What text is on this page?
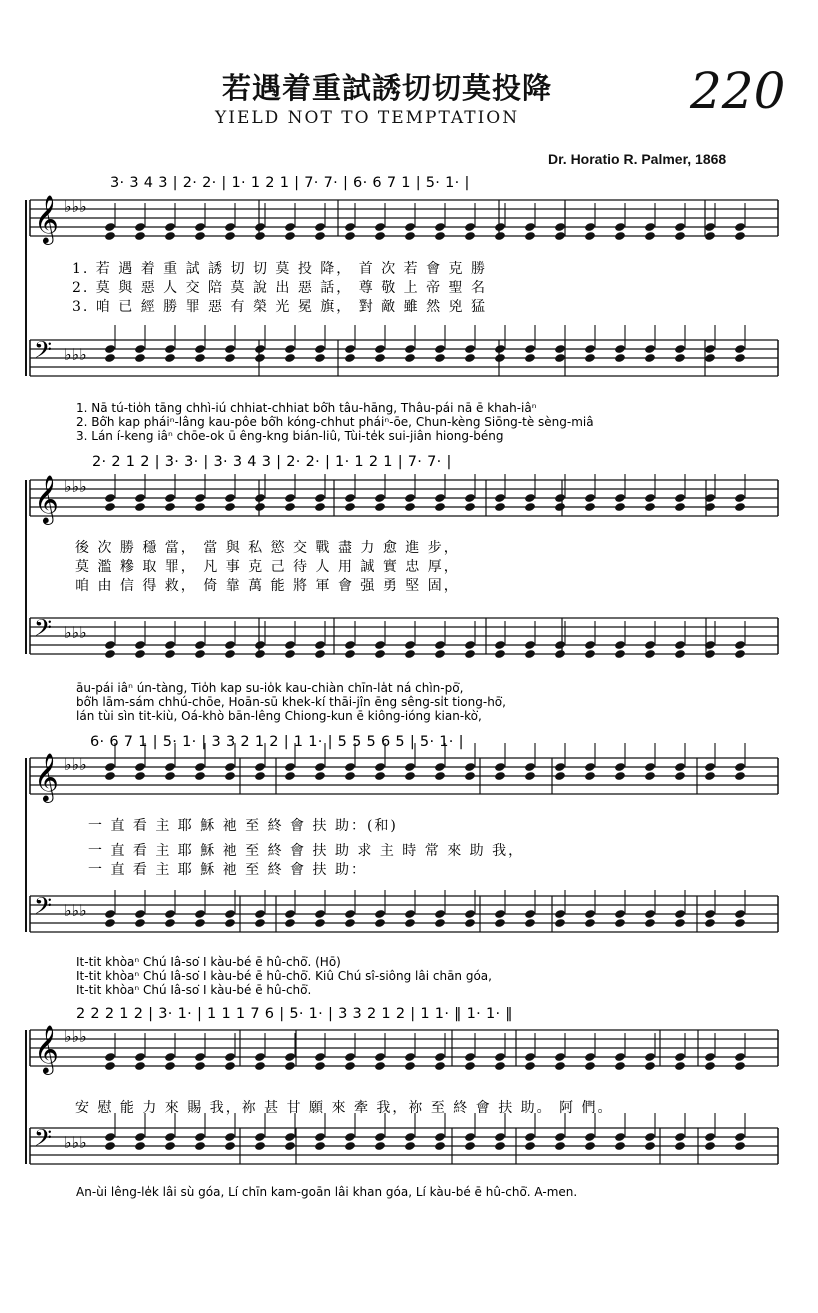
若遇着重試誘切切莫投降
YIELD NOT TO TEMPTATION	220
Dr. Horatio R. Palmer, 1868
𝄞 ♭♭♭
𝄢 ♭♭♭
𝄞 ♭♭♭
𝄢 ♭♭♭
𝄞 ♭♭♭
𝄢 ♭♭♭
𝄞 ♭♭♭
𝄢 ♭♭♭
3· 3 4 3 | 2· 2· | 1· 1 2 1 | 7· 7· | 6· 6 7 1 | 5· 1· |
1. 若 遇 着 重 試 誘 切 切 莫 投 降， 首 次 若 會 克 勝
2. 莫 與 惡 人 交 陪 莫 說 出 惡 話， 尊 敬 上 帝 聖 名
3. 咱 已 經 勝 罪 惡 有 榮 光 冕 旗， 對 敵 雖 然 兇 猛
1. Nā tú-tio̍h tāng chhì-iú chhiat-chhiat bô͘h tâu-hāng, Thâu-pái nā ē khah-iâⁿ
2. Bô͘h kap pháiⁿ-lâng kau-pôe bô͘h kóng-chhut pháiⁿ-ōe, Chun-kèng Siōng-tè sèng-miâ
3. Lán í-keng iâⁿ chōe-ok ū êng-kng bián-liû, Tùi-te̍k sui-jiân hiong-béng
2· 2 1 2 | 3· 3· | 3· 3 4 3 | 2· 2· | 1· 1 2 1 | 7· 7· |
後 次 勝 穩 當， 當 與 私 慾 交 戰 盡 力 愈 進 步，
莫 濫 糝 取 罪， 凡 事 克 己 待 人 用 誠 實 忠 厚，
咱 由 信 得 救， 倚 靠 萬 能 將 軍 會 强 勇 堅 固，
āu-pái iâⁿ ún-tàng, Tio̍h kap su-io̍k kau-chiàn chīn-la̍t ná chìn-pō͘,
bô͘h lām-sám chhú-chōe, Hoān-sū khek-kí thāi-jîn ēng sêng-si̍t tiong-hō͘,
lán tùi sìn tit-kiù, Oá-khò bān-lêng Chiong-kun ē kiông-ióng kian-kò͘,
6· 6 7 1 | 5· 1· | 3 3 2 1 2 | 1 1· | 5 5 5 6 5 | 5· 1· |
一 直 看 主 耶 穌 祂 至 終 會 扶 助：(和)
一 直 看 主 耶 穌 祂 至 終 會 扶 助 求 主 時 常 來 助 我，
一 直 看 主 耶 穌 祂 至 終 會 扶 助：
It-tit khòaⁿ Chú Iâ-so͘ I kàu-bé ē hû-chō͘. (Hō)
It-tit khòaⁿ Chú Iâ-so͘ I kàu-bé ē hû-chō͘. Kiû Chú sî-siông lâi chān góa,
It-tit khòaⁿ Chú Iâ-so͘ I kàu-bé ē hû-chō͘.
2 2 2 1 2 | 3· 1· | 1 1 1 7 6 | 5· 1· | 3 3 2 1 2 | 1 1· ‖ 1· 1· ‖
安 慰 能 力 來 賜 我，祢 甚 甘 願 來 牽 我，祢 至 終 會 扶 助。 阿 們。
An-ùi lêng-le̍k lâi sù góa, Lí chīn kam-goān lâi khan góa, Lí kàu-bé ē hû-chō͘. A-men.
